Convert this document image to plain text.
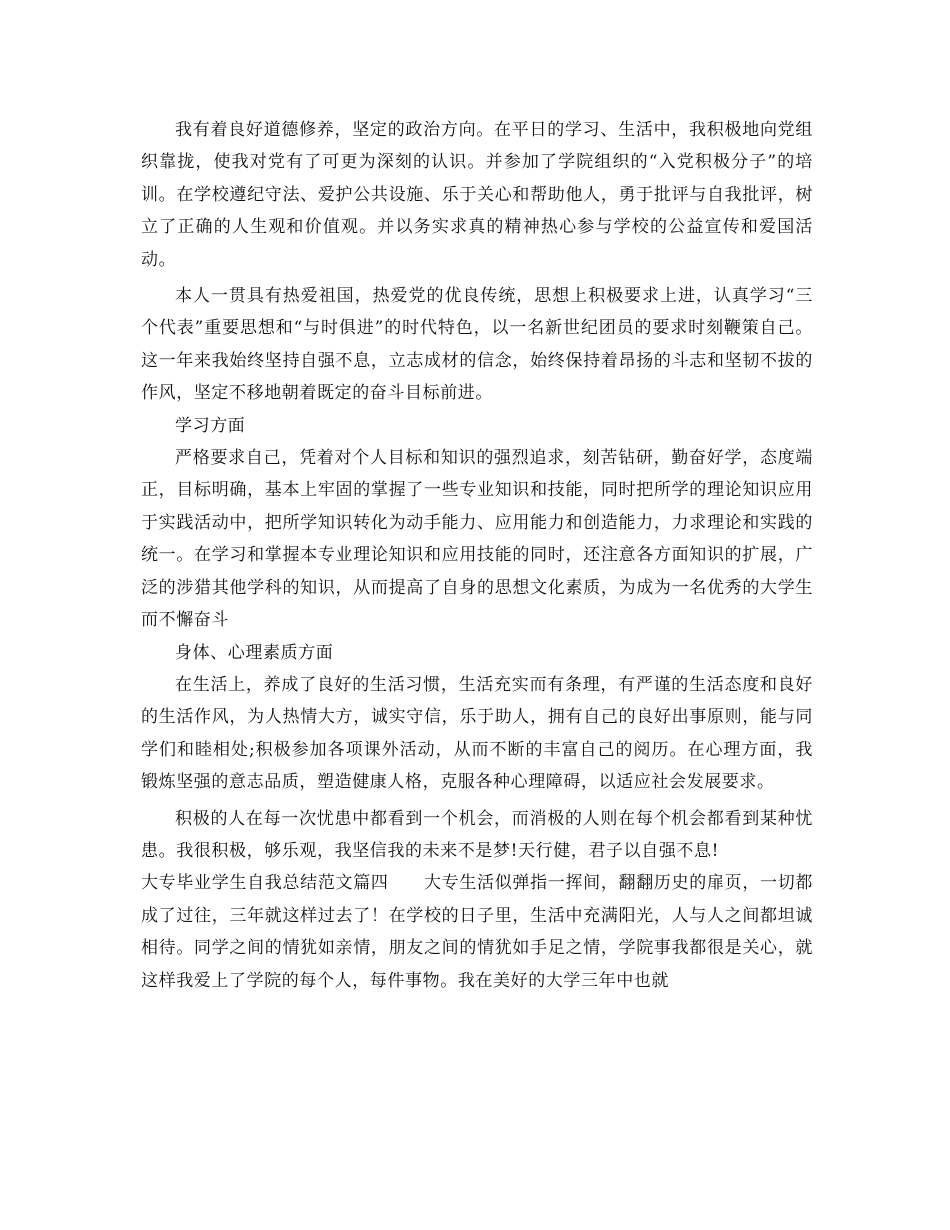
我有着良好道德修养，坚定的政治方向。在平日的学习、生活中，我积极地向党组织靠拢，使我对党有了可更为深刻的认识。并参加了学院组织的“入党积极分子”的培训。在学校遵纪守法、爱护公共设施、乐于关心和帮助他人，勇于批评与自我批评，树立了正确的人生观和价值观。并以务实求真的精神热心参与学校的公益宣传和爱国活动。

本人一贯具有热爱祖国，热爱党的优良传统，思想上积极要求上进，认真学习“三个代表”重要思想和“与时俱进”的时代特色，以一名新世纪团员的要求时刻鞭策自己。这一年来我始终坚持自强不息，立志成材的信念，始终保持着昂扬的斗志和坚韧不拔的作风，坚定不移地朝着既定的奋斗目标前进。

学习方面

严格要求自己，凭着对个人目标和知识的强烈追求，刻苦钻研，勤奋好学，态度端正，目标明确，基本上牢固的掌握了一些专业知识和技能，同时把所学的理论知识应用于实践活动中，把所学知识转化为动手能力、应用能力和创造能力，力求理论和实践的统一。在学习和掌握本专业理论知识和应用技能的同时，还注意各方面知识的扩展，广泛的涉猎其他学科的知识，从而提高了自身的思想文化素质，为成为一名优秀的大学生而不懈奋斗

身体、心理素质方面

在生活上，养成了良好的生活习惯，生活充实而有条理，有严谨的生活态度和良好的生活作风，为人热情大方，诚实守信，乐于助人，拥有自己的良好出事原则，能与同学们和睦相处;积极参加各项课外活动，从而不断的丰富自己的阅历。在心理方面，我锻炼坚强的意志品质，塑造健康人格，克服各种心理障碍，以适应社会发展要求。

积极的人在每一次忧患中都看到一个机会，而消极的人则在每个机会都看到某种忧患。我很积极，够乐观，我坚信我的未来不是梦!天行健，君子以自强不息!

大专毕业学生自我总结范文篇四　　大专生活似弹指一挥间，翻翻历史的扉页，一切都成了过往，三年就这样过去了！在学校的日子里，生活中充满阳光，人与人之间都坦诚相待。同学之间的情犹如亲情，朋友之间的情犹如手足之情，学院事我都很是关心，就这样我爱上了学院的每个人，每件事物。我在美好的大学三年中也就
